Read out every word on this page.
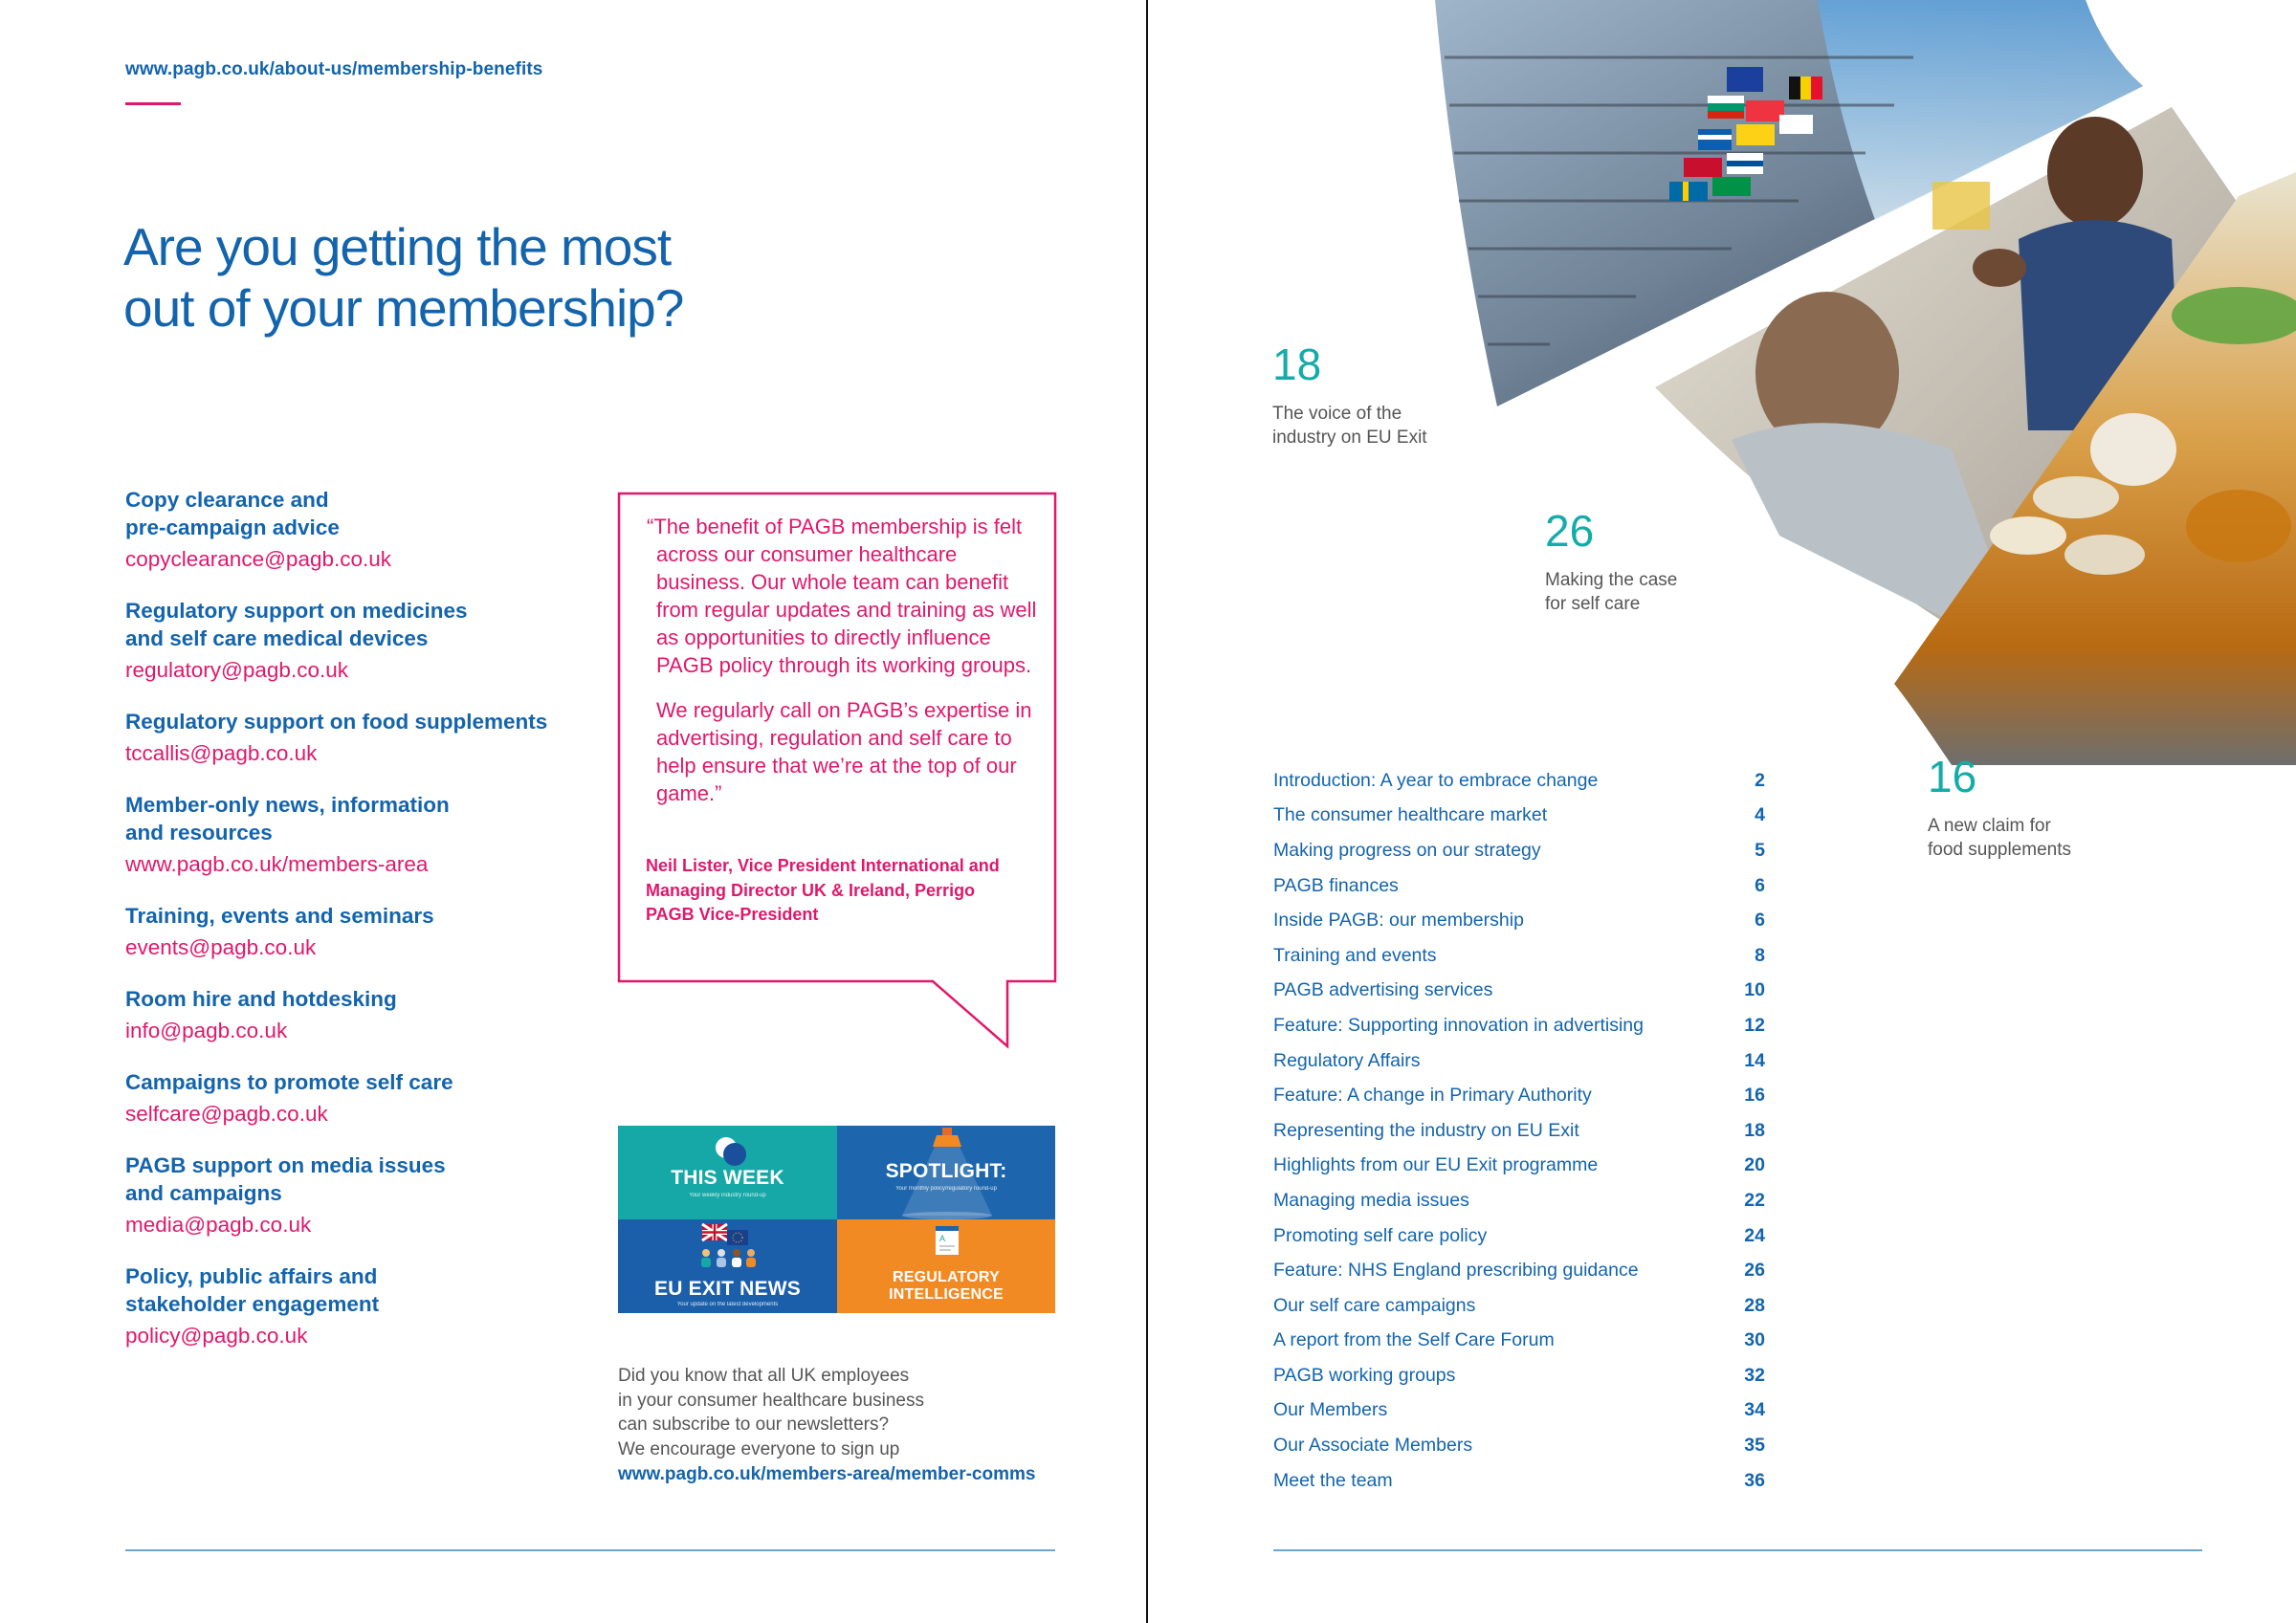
www.pagb.co.uk/about-us/membership-benefits
Are you getting the most
out of your membership?
Copy clearance and
pre-campaign advice
copyclearance@pagb.co.uk
Regulatory support on medicines
and self care medical devices
regulatory@pagb.co.uk
Regulatory support on food supplements
tccallis@pagb.co.uk
Member-only news, information
and resources
www.pagb.co.uk/members-area
Training, events and seminars
events@pagb.co.uk
Room hire and hotdesking
info@pagb.co.uk
Campaigns to promote self care
selfcare@pagb.co.uk
PAGB support on media issues
and campaigns
media@pagb.co.uk
Policy, public affairs and
stakeholder engagement
policy@pagb.co.uk

“The benefit of PAGB membership is felt across our consumer healthcare business. Our whole team can benefit from regular updates and training as well as opportunities to directly influence PAGB policy through its working groups.

We regularly call on PAGB’s expertise in advertising, regulation and self care to help ensure that we’re at the top of our game.”

Neil Lister, Vice President International and Managing Director UK & Ireland, Perrigo
PAGB Vice-President
THIS WEEK
Your weekly industry round-up
SPOTLIGHT:
Your monthly policy/regulatory round-up
EU EXIT NEWS
Your update on the latest developments
A
REGULATORY
INTELLIGENCE
Did you know that all UK employees
in your consumer healthcare business
can subscribe to our newsletters?
We encourage everyone to sign up
www.pagb.co.uk/members-area/member-comms
18
The voice of the
industry on EU Exit
26
Making the case
for self care
16
A new claim for
food supplements
Introduction: A year to embrace change	2
The consumer healthcare market	4
Making progress on our strategy	5
PAGB finances	6
Inside PAGB: our membership	6
Training and events	8
PAGB advertising services	10
Feature: Supporting innovation in advertising	12
Regulatory Affairs	14
Feature: A change in Primary Authority	16
Representing the industry on EU Exit	18
Highlights from our EU Exit programme	20
Managing media issues	22
Promoting self care policy	24
Feature: NHS England prescribing guidance	26
Our self care campaigns	28
A report from the Self Care Forum	30
PAGB working groups	32
Our Members	34
Our Associate Members	35
Meet the team	36
